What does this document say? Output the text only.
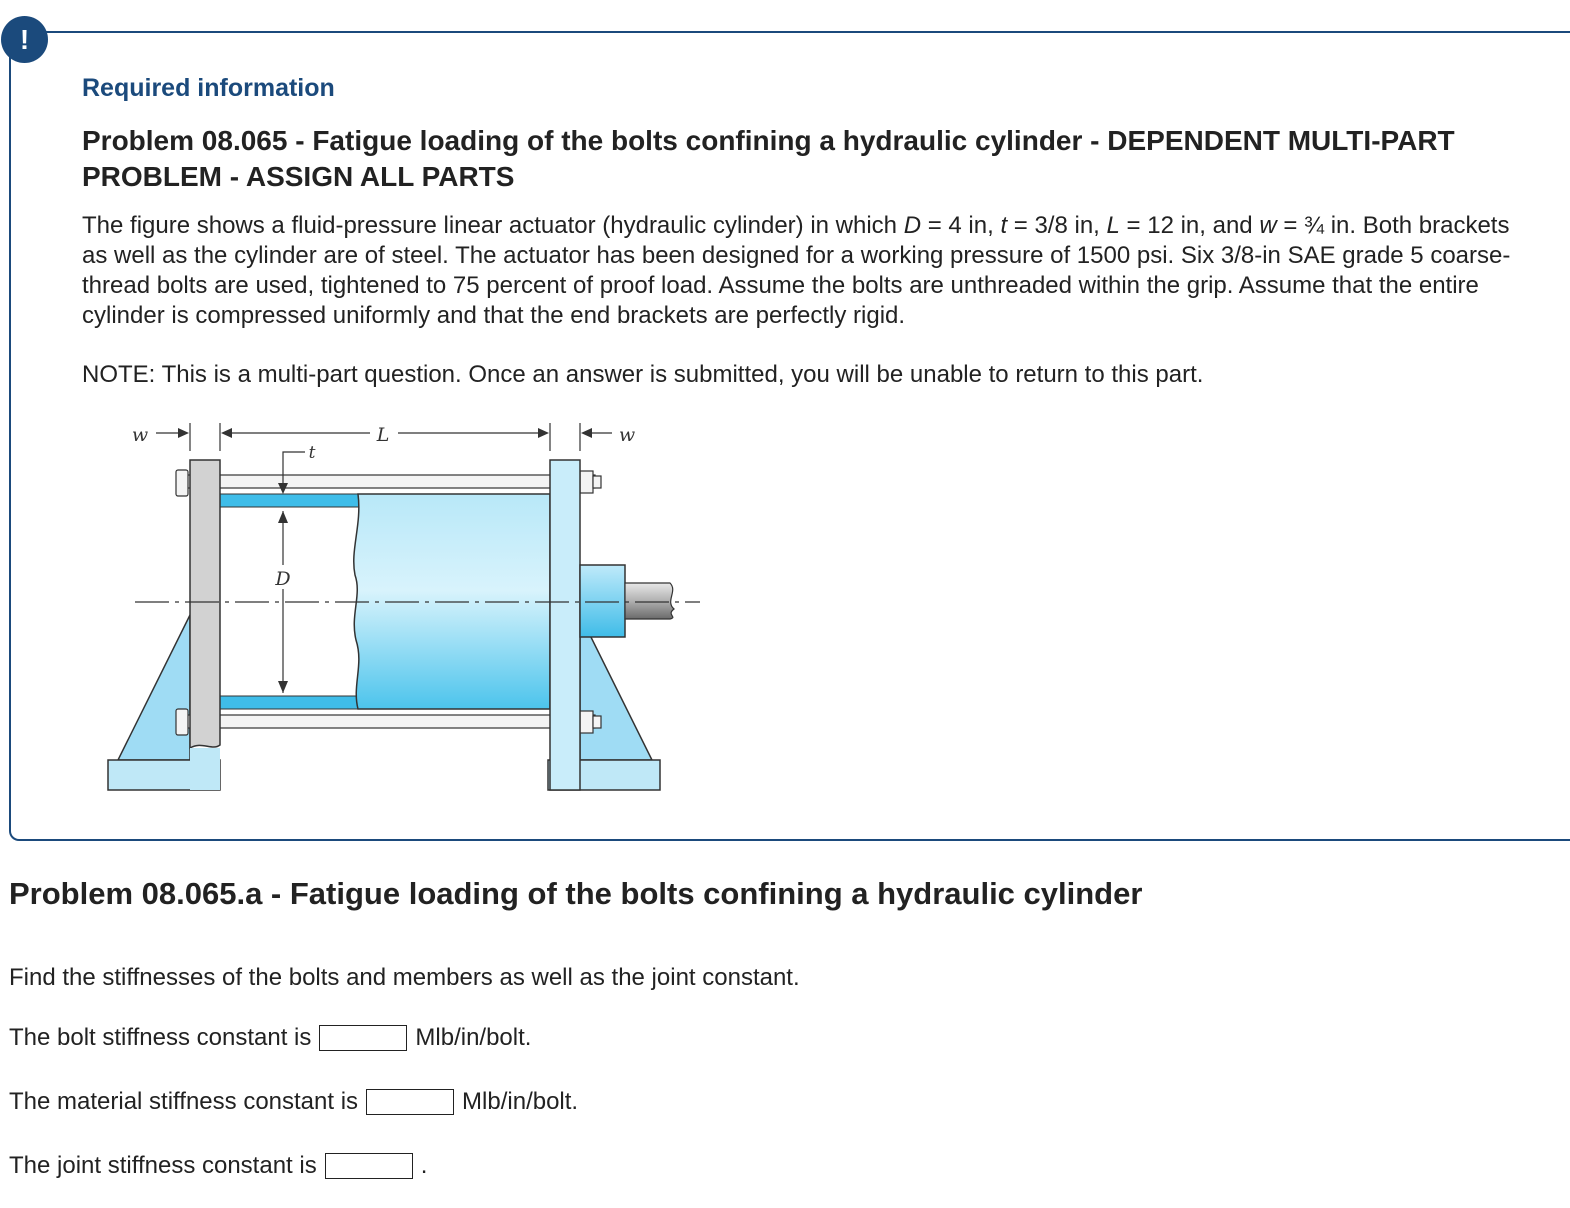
!
Required information
Problem 08.065 - Fatigue loading of the bolts confining a hydraulic cylinder - DEPENDENT MULTI-PART PROBLEM - ASSIGN ALL PARTS

The figure shows a fluid-pressure linear actuator (hydraulic cylinder) in which D = 4 in, t = 3/8 in, L = 12 in, and w = ¾ in. Both brackets as well as the cylinder are of steel. The actuator has been designed for a working pressure of 1500 psi. Six 3/8-in SAE grade 5 coarse-thread bolts are used, tightened to 75 percent of proof load. Assume the bolts are unthreaded within the grip. Assume that the entire cylinder is compressed uniformly and that the end brackets are perfectly rigid.

NOTE: This is a multi-part question. Once an answer is submitted, you will be unable to return to this part.

D
t
w	L	w
Problem 08.065.a - Fatigue loading of the bolts confining a hydraulic cylinder

Find the stiffnesses of the bolts and members as well as the joint constant.

The bolt stiffness constant is	Mlb/in/bolt.
The material stiffness constant is	Mlb/in/bolt.
The joint stiffness constant is	.
